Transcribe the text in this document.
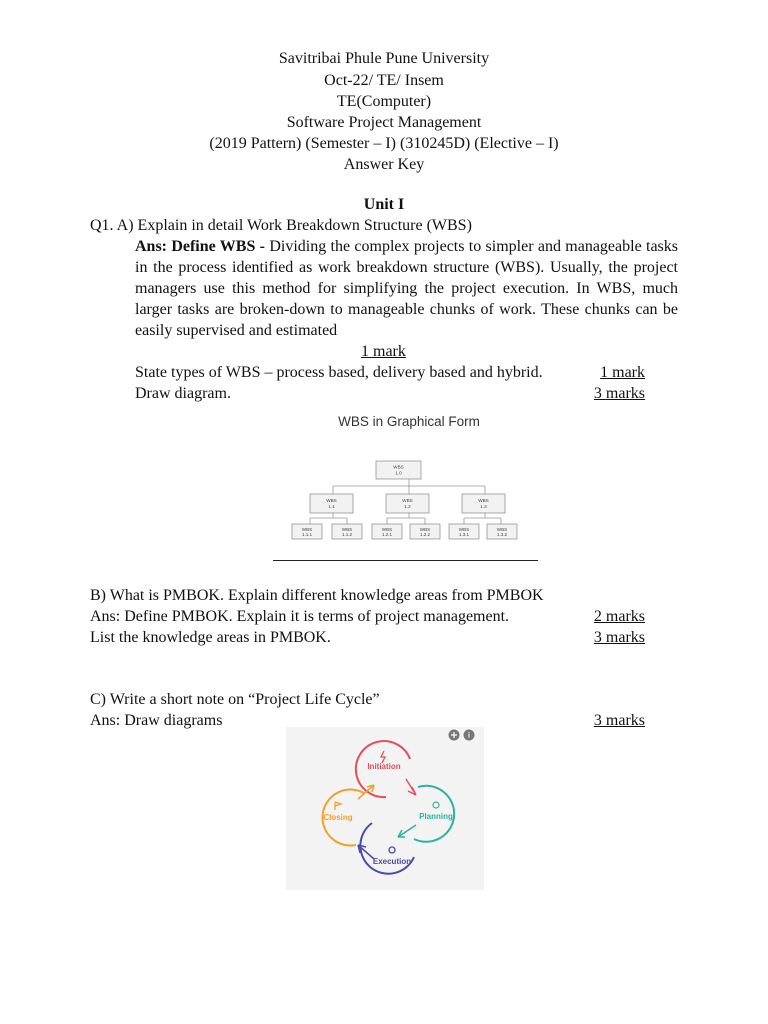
Savitribai Phule Pune University
Oct-22/ TE/ Insem
TE(Computer)
Software Project Management
(2019 Pattern) (Semester – I) (310245D) (Elective – I)
Answer Key
Unit I
Q1. A) Explain in detail Work Breakdown Structure (WBS)
Ans: Define WBS - Dividing the complex projects to simpler and manageable tasks in the process identified as work breakdown structure (WBS). Usually, the project managers use this method for simplifying the project execution. In WBS, much larger tasks are broken-down to manageable chunks of work. These chunks can be easily supervised and estimated
1 mark
State types of WBS – process based, delivery based and hybrid.	1 mark
Draw diagram.	3 marks
WBS in Graphical Form
WBS
1.0
WBS
1.1
WBS
1.2
WBS
1.3
WBS
1.1.1
WBS
1.1.2
WBS
1.2.1
WBS
1.2.2
WBS
1.3.1
WBS
1.3.2
B) What is PMBOK. Explain different knowledge areas from PMBOK
Ans: Define PMBOK. Explain it is terms of project management.	2 marks
List the knowledge areas in PMBOK.	3 marks
C) Write a short note on “Project Life Cycle”
Ans: Draw diagrams	3 marks
i
Initiation
Planning
Execution
Closing
